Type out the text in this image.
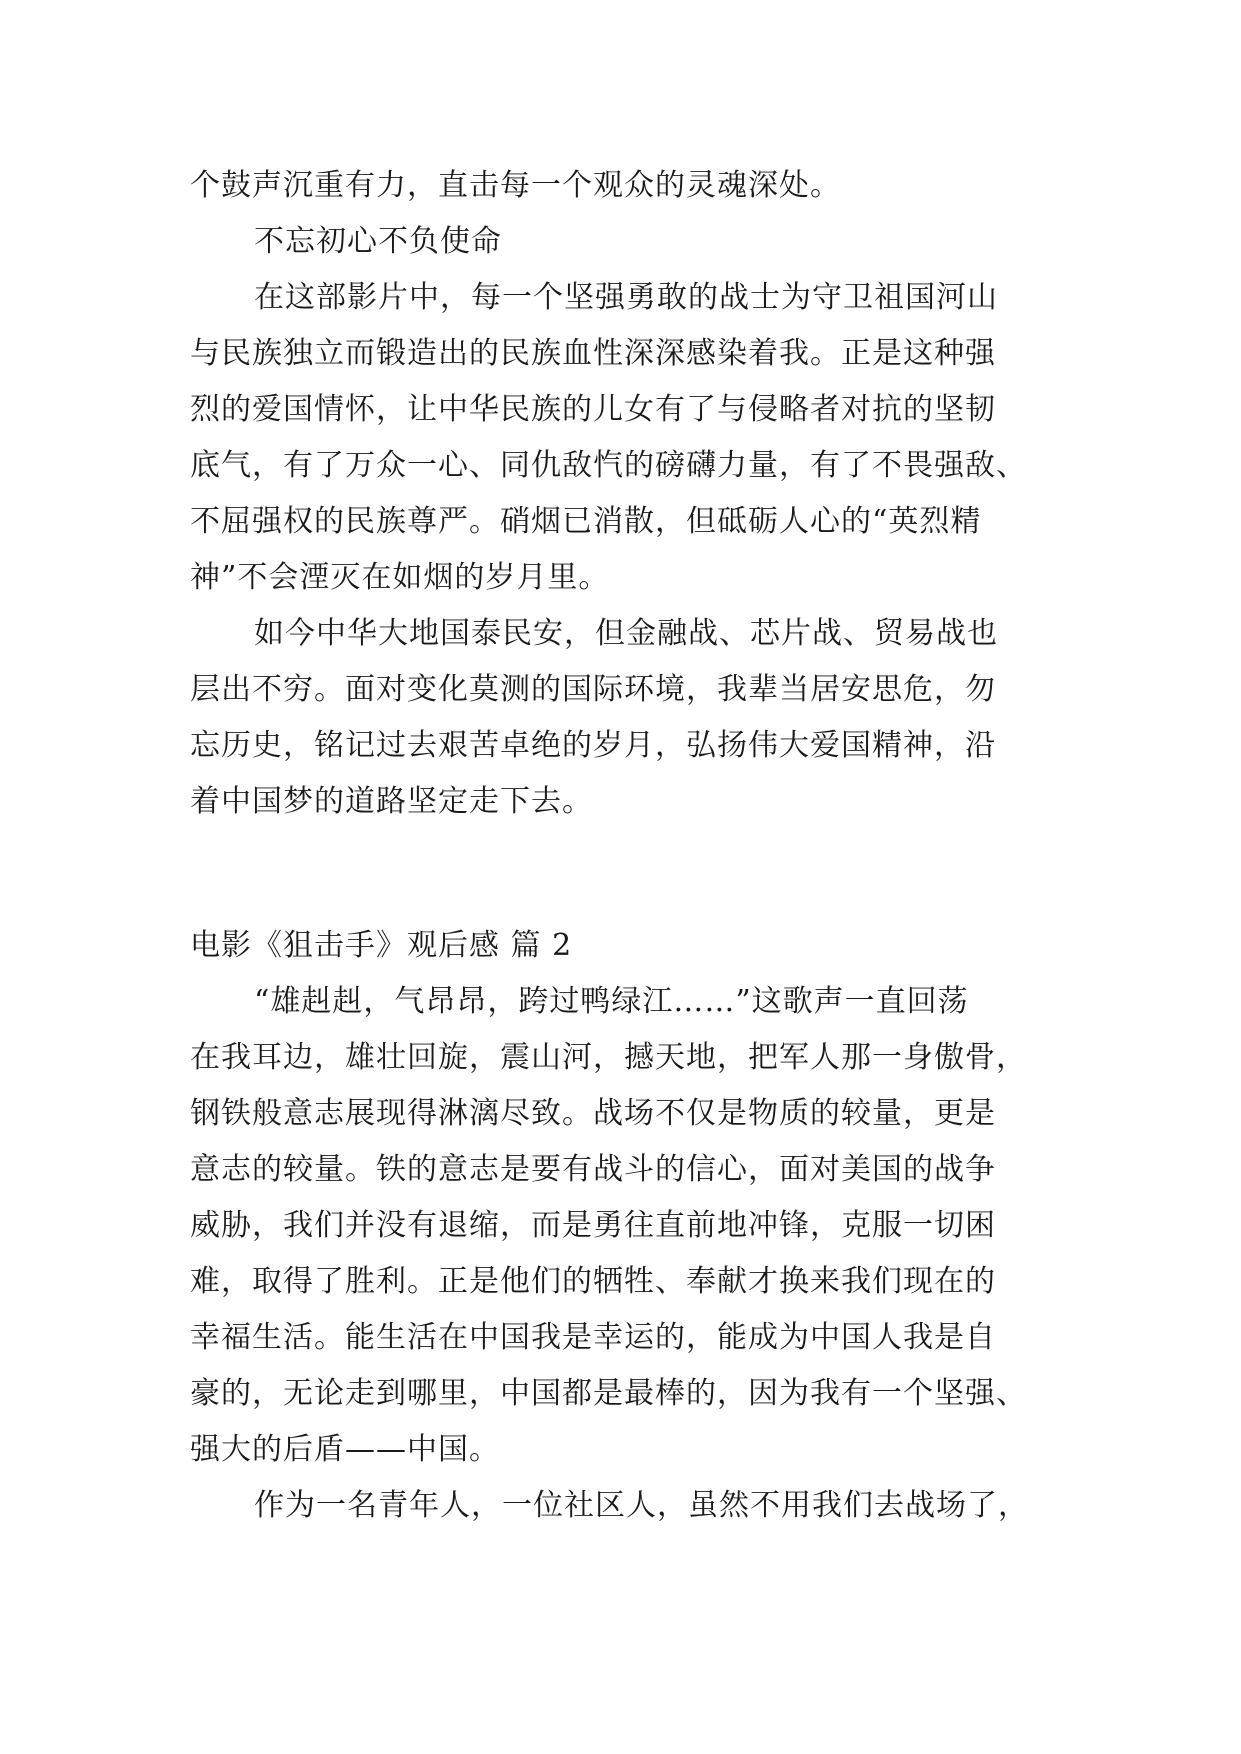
个鼓声沉重有力，直击每一个观众的灵魂深处。
不忘初心不负使命
在这部影片中，每一个坚强勇敢的战士为守卫祖国河山
与民族独立而锻造出的民族血性深深感染着我。正是这种强
烈的爱国情怀，让中华民族的儿女有了与侵略者对抗的坚韧
底气，有了万众一心、同仇敌忾的磅礴力量，有了不畏强敌、
不屈强权的民族尊严。硝烟已消散，但砥砺人心的“英烈精
神”不会湮灭在如烟的岁月里。
如今中华大地国泰民安，但金融战、芯片战、贸易战也
层出不穷。面对变化莫测的国际环境，我辈当居安思危，勿
忘历史，铭记过去艰苦卓绝的岁月，弘扬伟大爱国精神，沿
着中国梦的道路坚定走下去。
电影《狙击手》观后感 篇 2
“雄赳赳，气昂昂，跨过鸭绿江……”这歌声一直回荡
在我耳边，雄壮回旋，震山河，撼天地，把军人那一身傲骨，
钢铁般意志展现得淋漓尽致。战场不仅是物质的较量，更是
意志的较量。铁的意志是要有战斗的信心，面对美国的战争
威胁，我们并没有退缩，而是勇往直前地冲锋，克服一切困
难，取得了胜利。正是他们的牺牲、奉献才换来我们现在的
幸福生活。能生活在中国我是幸运的，能成为中国人我是自
豪的，无论走到哪里，中国都是最棒的，因为我有一个坚强、
强大的后盾——中国。
作为一名青年人，一位社区人，虽然不用我们去战场了，
